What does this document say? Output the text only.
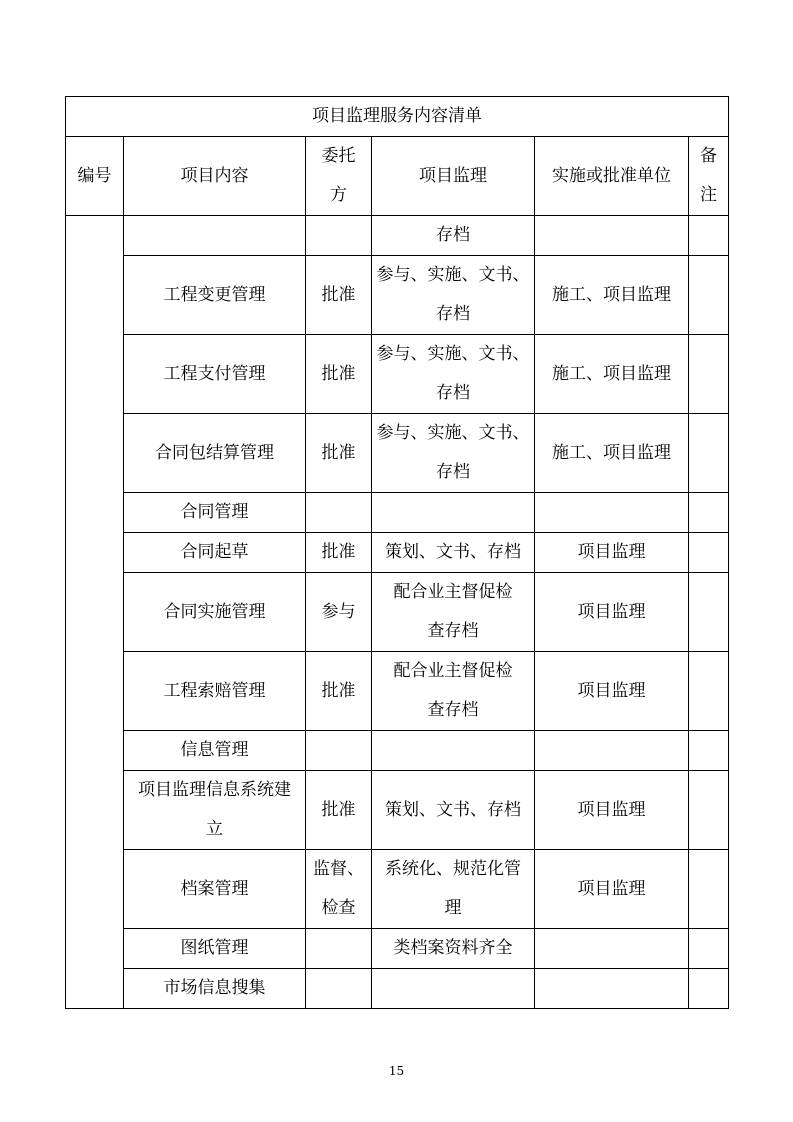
项目监理服务内容清单					
编号	项目内容	委托
方	项目监理	实施或批准单位	备
注

			存档		

	工程变更管理	批准	参与、实施、文书、
存档	施工、项目监理	

	工程支付管理	批准	参与、实施、文书、
存档	施工、项目监理	

	合同包结算管理	批准	参与、实施、文书、
存档	施工、项目监理	

	合同管理				

	合同起草	批准	策划、文书、存档	项目监理	

	合同实施管理	参与	配合业主督促检
查存档	项目监理	

	工程索赔管理	批准	配合业主督促检
查存档	项目监理	

	信息管理				

	项目监理信息系统建
立	批准	策划、文书、存档	项目监理	

	档案管理	监督、
检查	系统化、规范化管
理	项目监理	

	图纸管理		类档案资料齐全		

	市场信息搜集				

15
